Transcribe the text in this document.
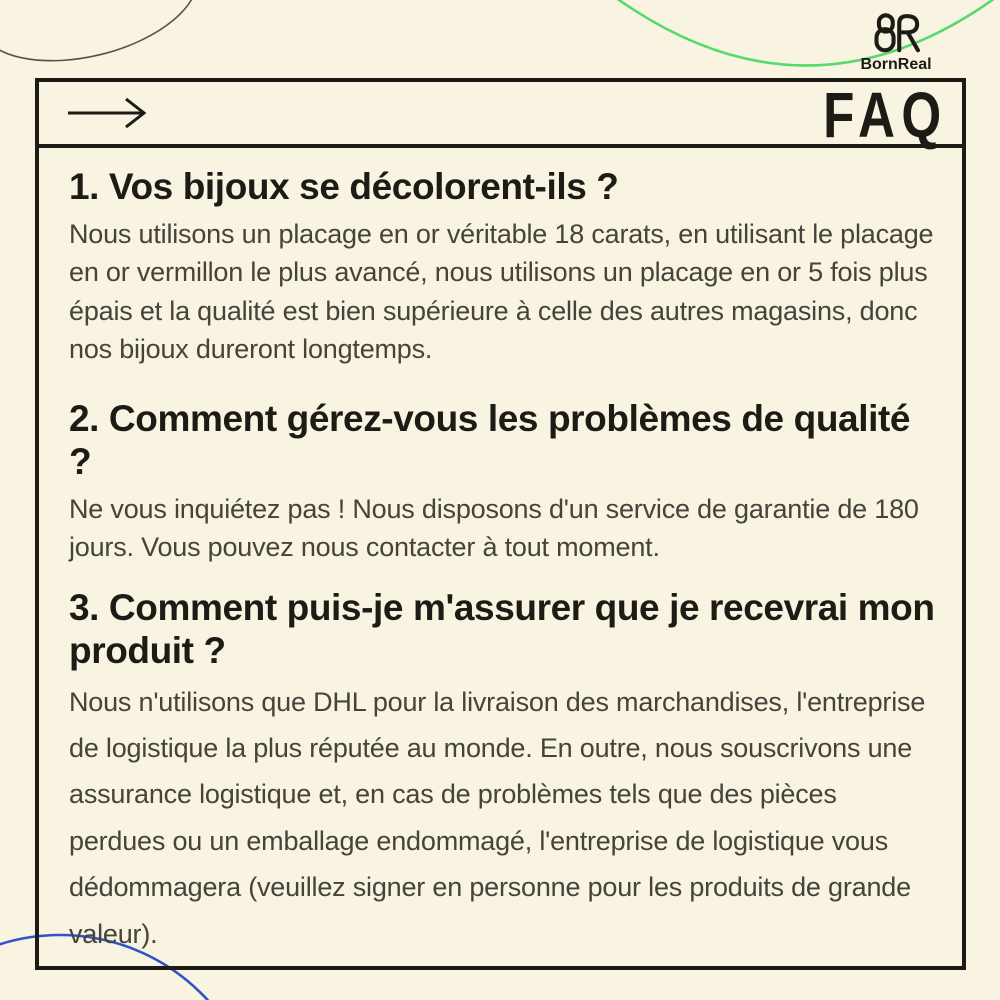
BornReal
FAQ
1. Vos bijoux se décolorent-ils ?

Nous utilisons un placage en or véritable 18 carats, en utilisant le placage en or vermillon le plus avancé, nous utilisons un placage en or 5 fois plus épais et la qualité est bien supérieure à celle des autres magasins, donc nos bijoux dureront longtemps.

2. Comment gérez-vous les problèmes de qualité ?

Ne vous inquiétez pas ! Nous disposons d'un service de garantie de 180 jours. Vous pouvez nous contacter à tout moment.

3. Comment puis-je m'assurer que je recevrai mon produit ?

Nous n'utilisons que DHL pour la livraison des marchandises, l'entreprise de logistique la plus réputée au monde. En outre, nous souscrivons une assurance logistique et, en cas de problèmes tels que des pièces perdues ou un emballage endommagé, l'entreprise de logistique vous dédommagera (veuillez signer en personne pour les produits de grande valeur).
